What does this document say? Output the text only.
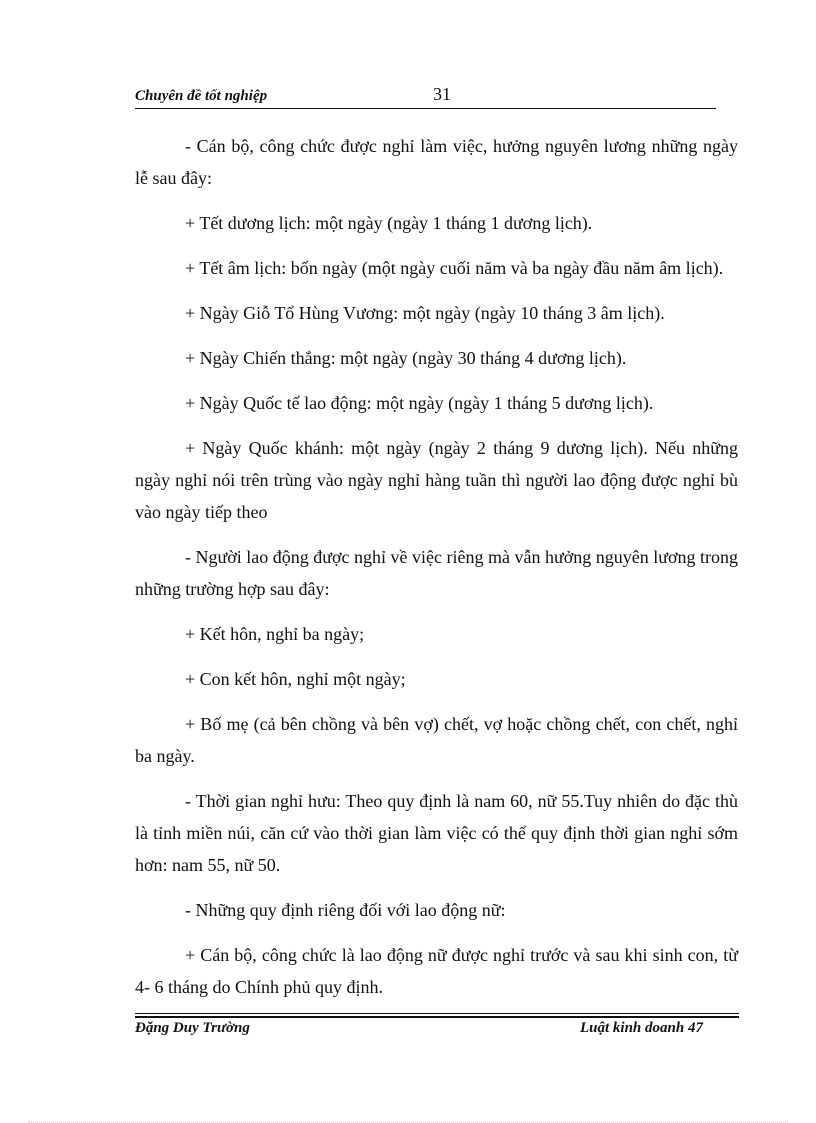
Chuyên đề tốt nghiệp	31

- Cán bộ, công chức được nghỉ làm việc, hưởng nguyên lương những ngày lễ sau đây:

+ Tết dương lịch: một ngày (ngày 1 tháng 1 dương lịch).

+ Tết âm lịch: bốn ngày (một ngày cuối năm và ba ngày đầu năm âm lịch).

+ Ngày Giỗ Tổ Hùng Vương: một ngày (ngày 10 tháng 3 âm lịch).

+ Ngày Chiến thắng: một ngày (ngày 30 tháng 4 dương lịch).

+ Ngày Quốc tế lao động: một ngày (ngày 1 tháng 5 dương lịch).

+ Ngày Quốc khánh: một ngày (ngày 2 tháng 9 dương lịch). Nếu những ngày nghỉ nói trên trùng vào ngày nghỉ hàng tuần thì người lao động được nghỉ bù vào ngày tiếp theo

- Người lao động được nghỉ về việc riêng mà vẫn hưởng nguyên lương trong những trường hợp sau đây:

+ Kết hôn, nghỉ ba ngày;

+ Con kết hôn, nghỉ một ngày;

+ Bố mẹ (cả bên chồng và bên vợ) chết, vợ hoặc chồng chết, con chết, nghỉ ba ngày.

- Thời gian nghỉ hưu: Theo quy định là nam 60, nữ 55.Tuy nhiên do đặc thù là tỉnh miền núi, căn cứ vào thời gian làm việc có thể quy định thời gian nghỉ sớm hơn: nam 55, nữ 50.

- Những quy định riêng đối với lao động nữ:

+ Cán bộ, công chức là lao động nữ được nghỉ trước và sau khi sinh con, từ 4- 6 tháng do Chính phủ quy định.

Đặng Duy Trường	Luật kinh doanh 47
